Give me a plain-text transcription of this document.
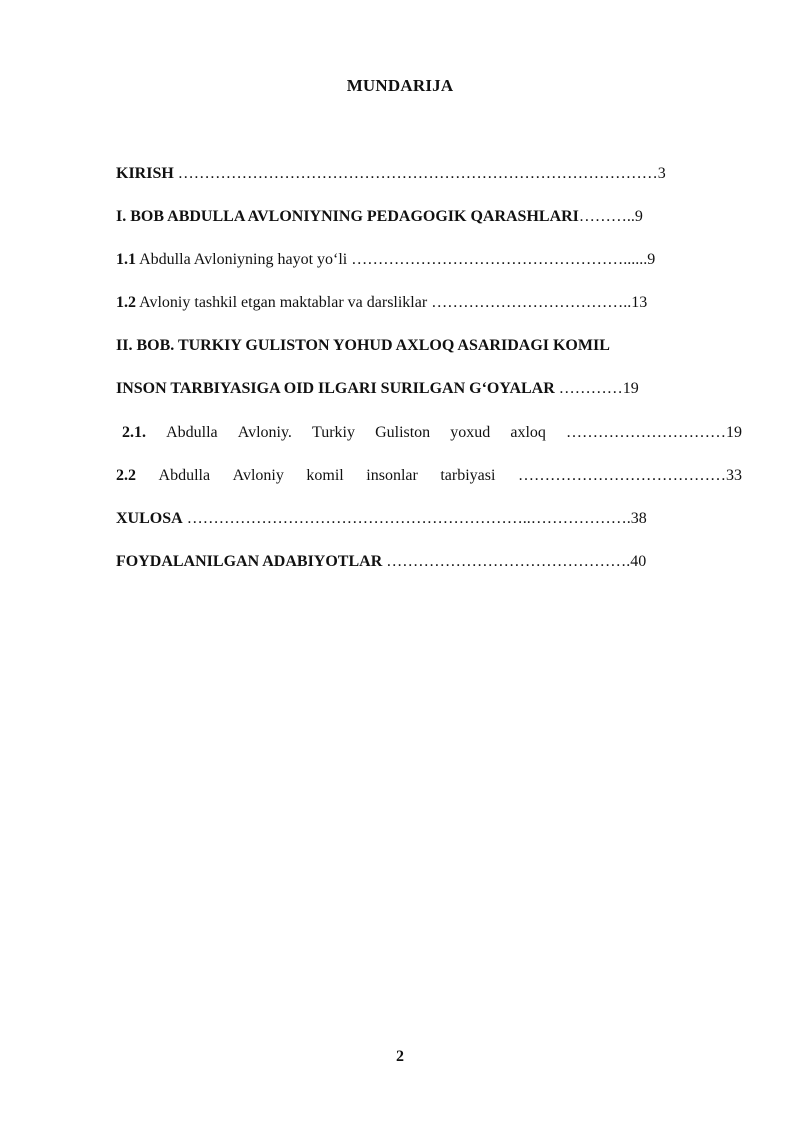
MUNDARIJA
KIRISH ………………………………………………………………………………3
I. BOB ABDULLA AVLONIYNING PEDAGOGIK QARASHLARI………..9
1.1 Abdulla Avloniyning hayot yo‘li ……………………………………………......9
1.2 Avloniy tashkil etgan maktablar va darsliklar ………………………………..13
II. BOB. TURKIY GULISTON YOHUD AXLOQ ASARIDAGI KOMIL
INSON TARBIYASIGA OID ILGARI SURILGAN G‘OYALAR …………19
2.1. Abdulla Avloniy. Turkiy Guliston yoxud axloq …………………………19
2.2 Abdulla Avloniy komil insonlar tarbiyasi …………………………………33
XULOSA ………………………………………………………..……………….38
FOYDALANILGAN ADABIYOTLAR ……………………………………….40
2
